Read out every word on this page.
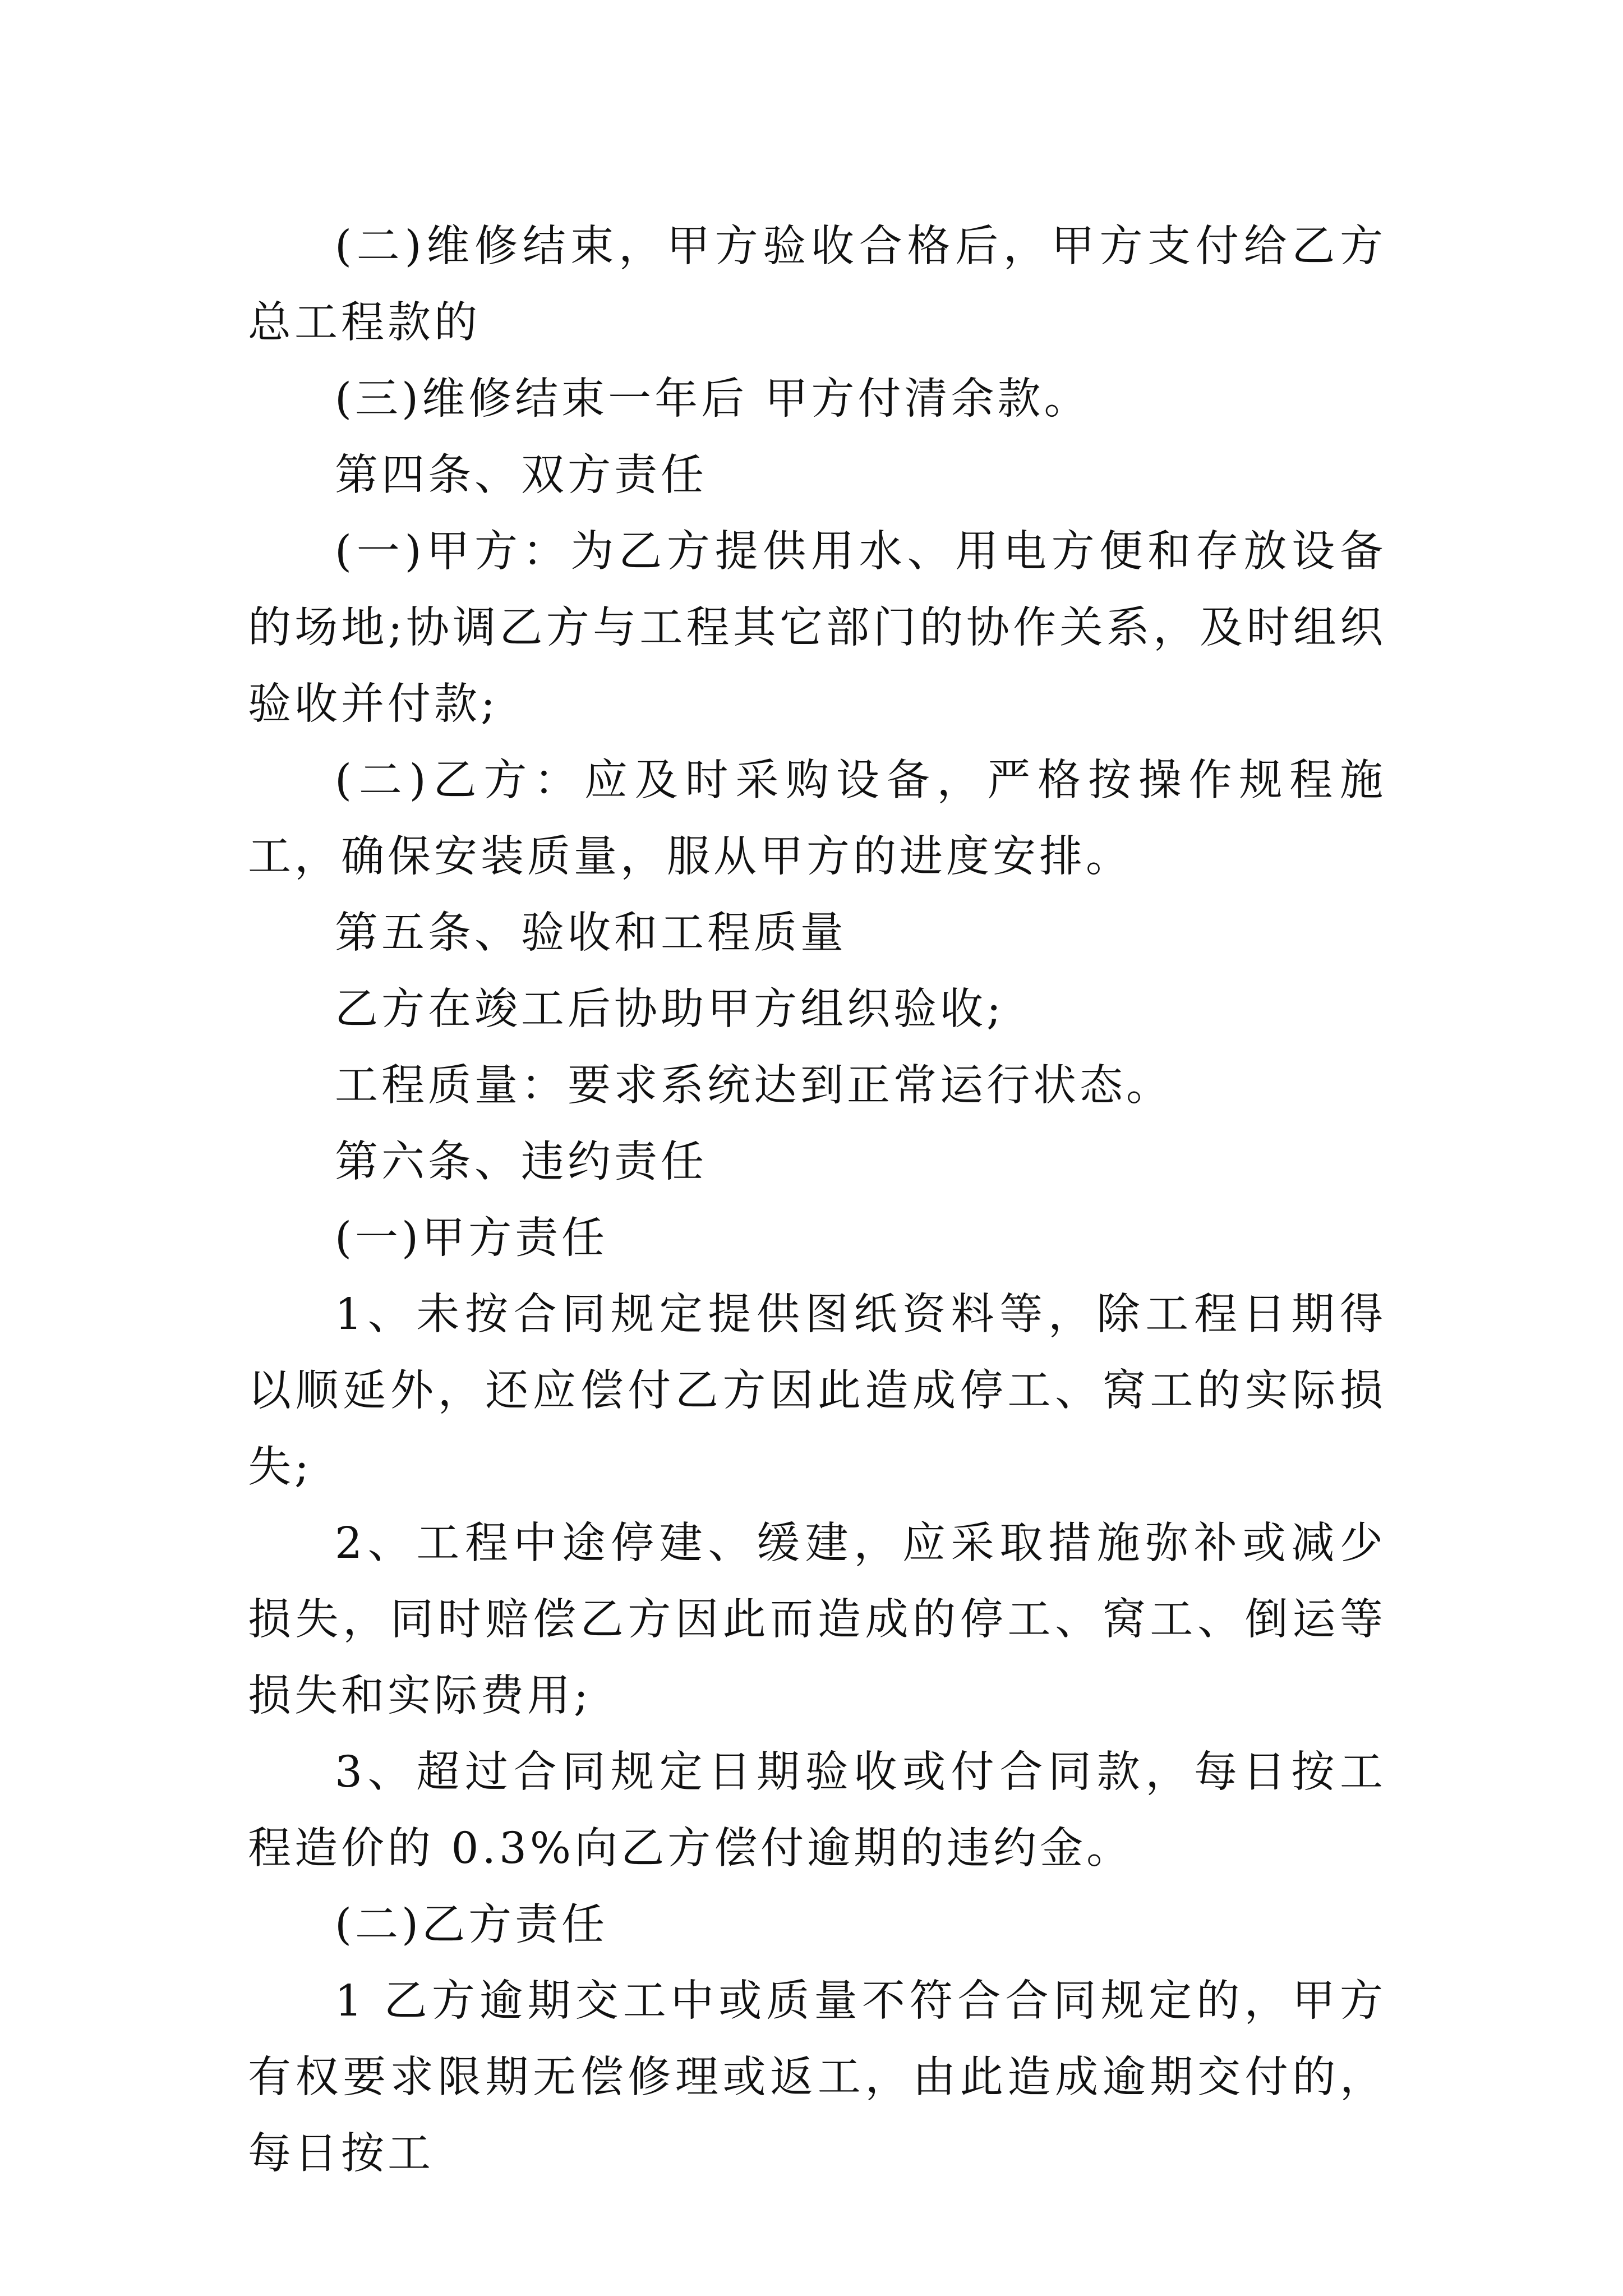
(二)维修结束，甲方验收合格后，甲方支付给乙方总工程款的

(三)维修结束一年后 甲方付清余款。

第四条、双方责任

(一)甲方：为乙方提供用水、用电方便和存放设备的场地;协调乙方与工程其它部门的协作关系，及时组织验收并付款;

(二)乙方：应及时采购设备，严格按操作规程施工，确保安装质量，服从甲方的进度安排。

第五条、验收和工程质量

乙方在竣工后协助甲方组织验收;

工程质量：要求系统达到正常运行状态。

第六条、违约责任

(一)甲方责任

1、未按合同规定提供图纸资料等，除工程日期得以顺延外，还应偿付乙方因此造成停工、窝工的实际损失;

2、工程中途停建、缓建，应采取措施弥补或减少损失，同时赔偿乙方因此而造成的停工、窝工、倒运等损失和实际费用;

3、超过合同规定日期验收或付合同款，每日按工程造价的 0.3%向乙方偿付逾期的违约金。

(二)乙方责任

1 乙方逾期交工中或质量不符合合同规定的，甲方有权要求限期无偿修理或返工，由此造成逾期交付的，每日按工
